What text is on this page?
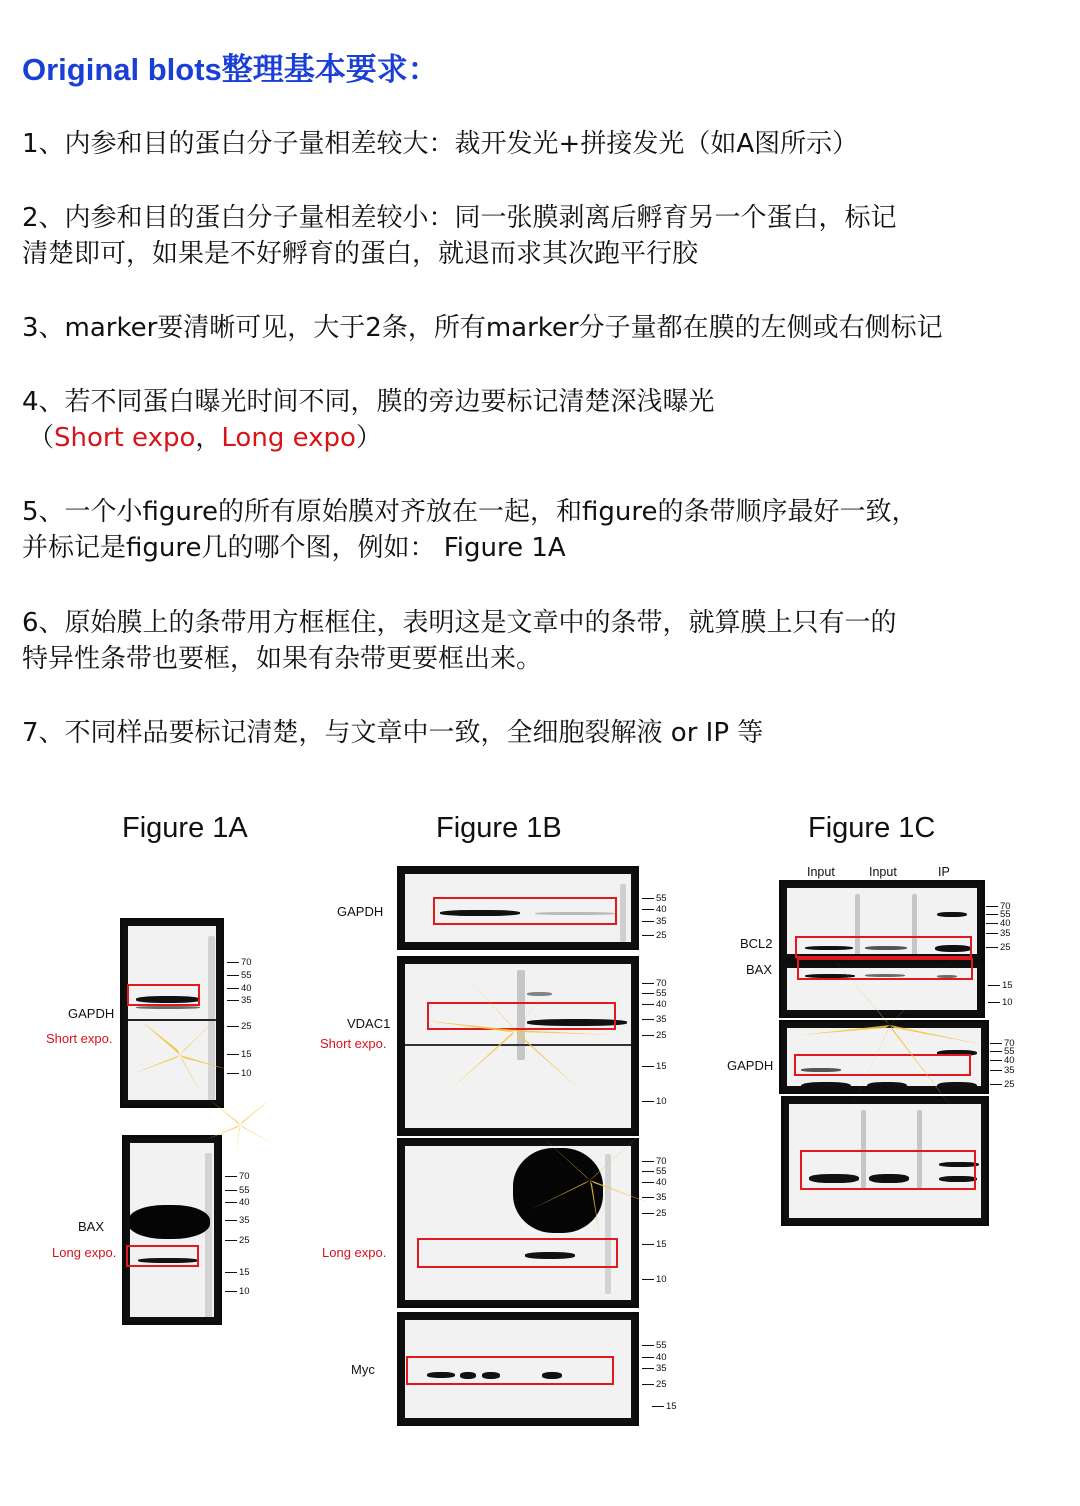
Original blots整理基本要求：
1、内参和目的蛋白分子量相差较大：裁开发光+拼接发光（如A图所示）
2、内参和目的蛋白分子量相差较小：同一张膜剥离后孵育另一个蛋白，标记
清楚即可，如果是不好孵育的蛋白，就退而求其次跑平行胶
3、marker要清晰可见，大于2条，所有marker分子量都在膜的左侧或右侧标记
4、若不同蛋白曝光时间不同，膜的旁边要标记清楚深浅曝光
（Short expo，Long expo）
5、一个小figure的所有原始膜对齐放在一起，和figure的条带顺序最好一致，
并标记是figure几的哪个图，例如： Figure 1A
6、原始膜上的条带用方框框住，表明这是文章中的条带，就算膜上只有一的
特异性条带也要框，如果有杂带更要框出来。
7、不同样品要标记清楚，与文章中一致，全细胞裂解液 or IP 等
Figure 1A	Figure 1B	Figure 1C
GAPDH
Short expo.
70
55
40
35
25
15
10
BAX
Long expo.
70
55
40
35
25
15
10
GAPDH
55
40
35
25
VDAC1
Short expo.
70
55
40
35
25
15
10
Long expo.
70
55
40
35
25
15
10
Myc
55
40
35
25
15
Input	Input	IP
BCL2
70
55
40
35
25
BAX
15
10
GAPDH
70
55
40
35
25
